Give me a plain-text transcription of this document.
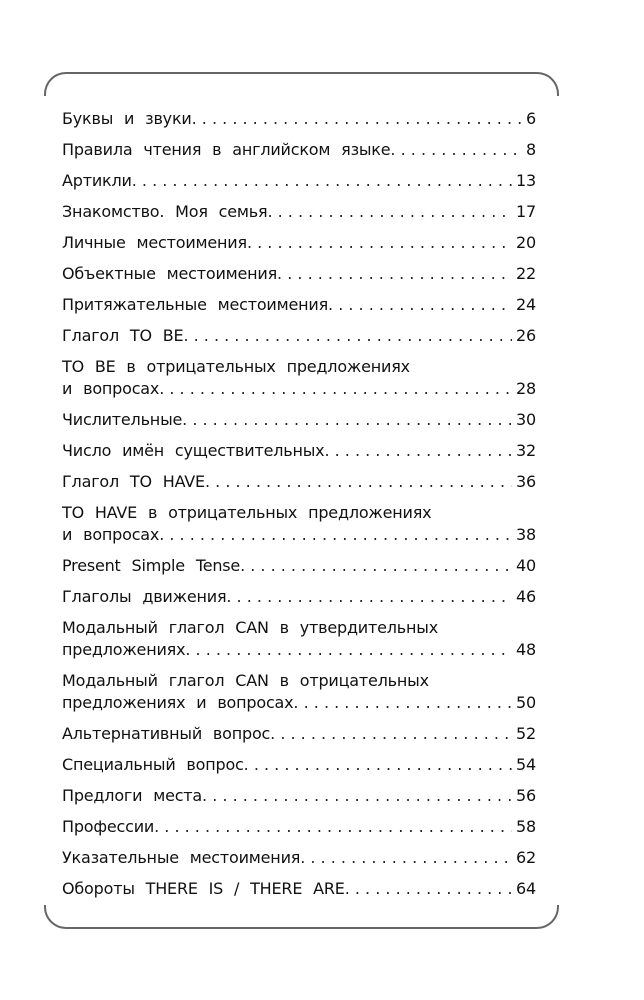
Буквы и звуки . . .	6
Правила чтения в английском языке . . .	8
Артикли . . .	13
Знакомство. Моя семья . . .	17
Личные местоимения . . .	20
Объектные местоимения . . .	22
Притяжательные местоимения . . .	24
Глагол TO BE . . .	26
TO BE в отрицательных предложениях
и вопросах . . .	28
Числительные . . .	30
Число имён существительных . . .	32
Глагол TO HAVE . . .	36
TO HAVE в отрицательных предложениях
и вопросах . . .	38
Present Simple Tense . . .	40
Глаголы движения . . .	46
Модальный глагол CAN в утвердительных
предложениях . . .	48
Модальный глагол CAN в отрицательных
предложениях и вопросах . . .	50
Альтернативный вопрос . . .	52
Специальный вопрос . . .	54
Предлоги места . . .	56
Профессии . . .	58
Указательные местоимения . . .	62
Обороты THERE IS / THERE ARE . . .	64
